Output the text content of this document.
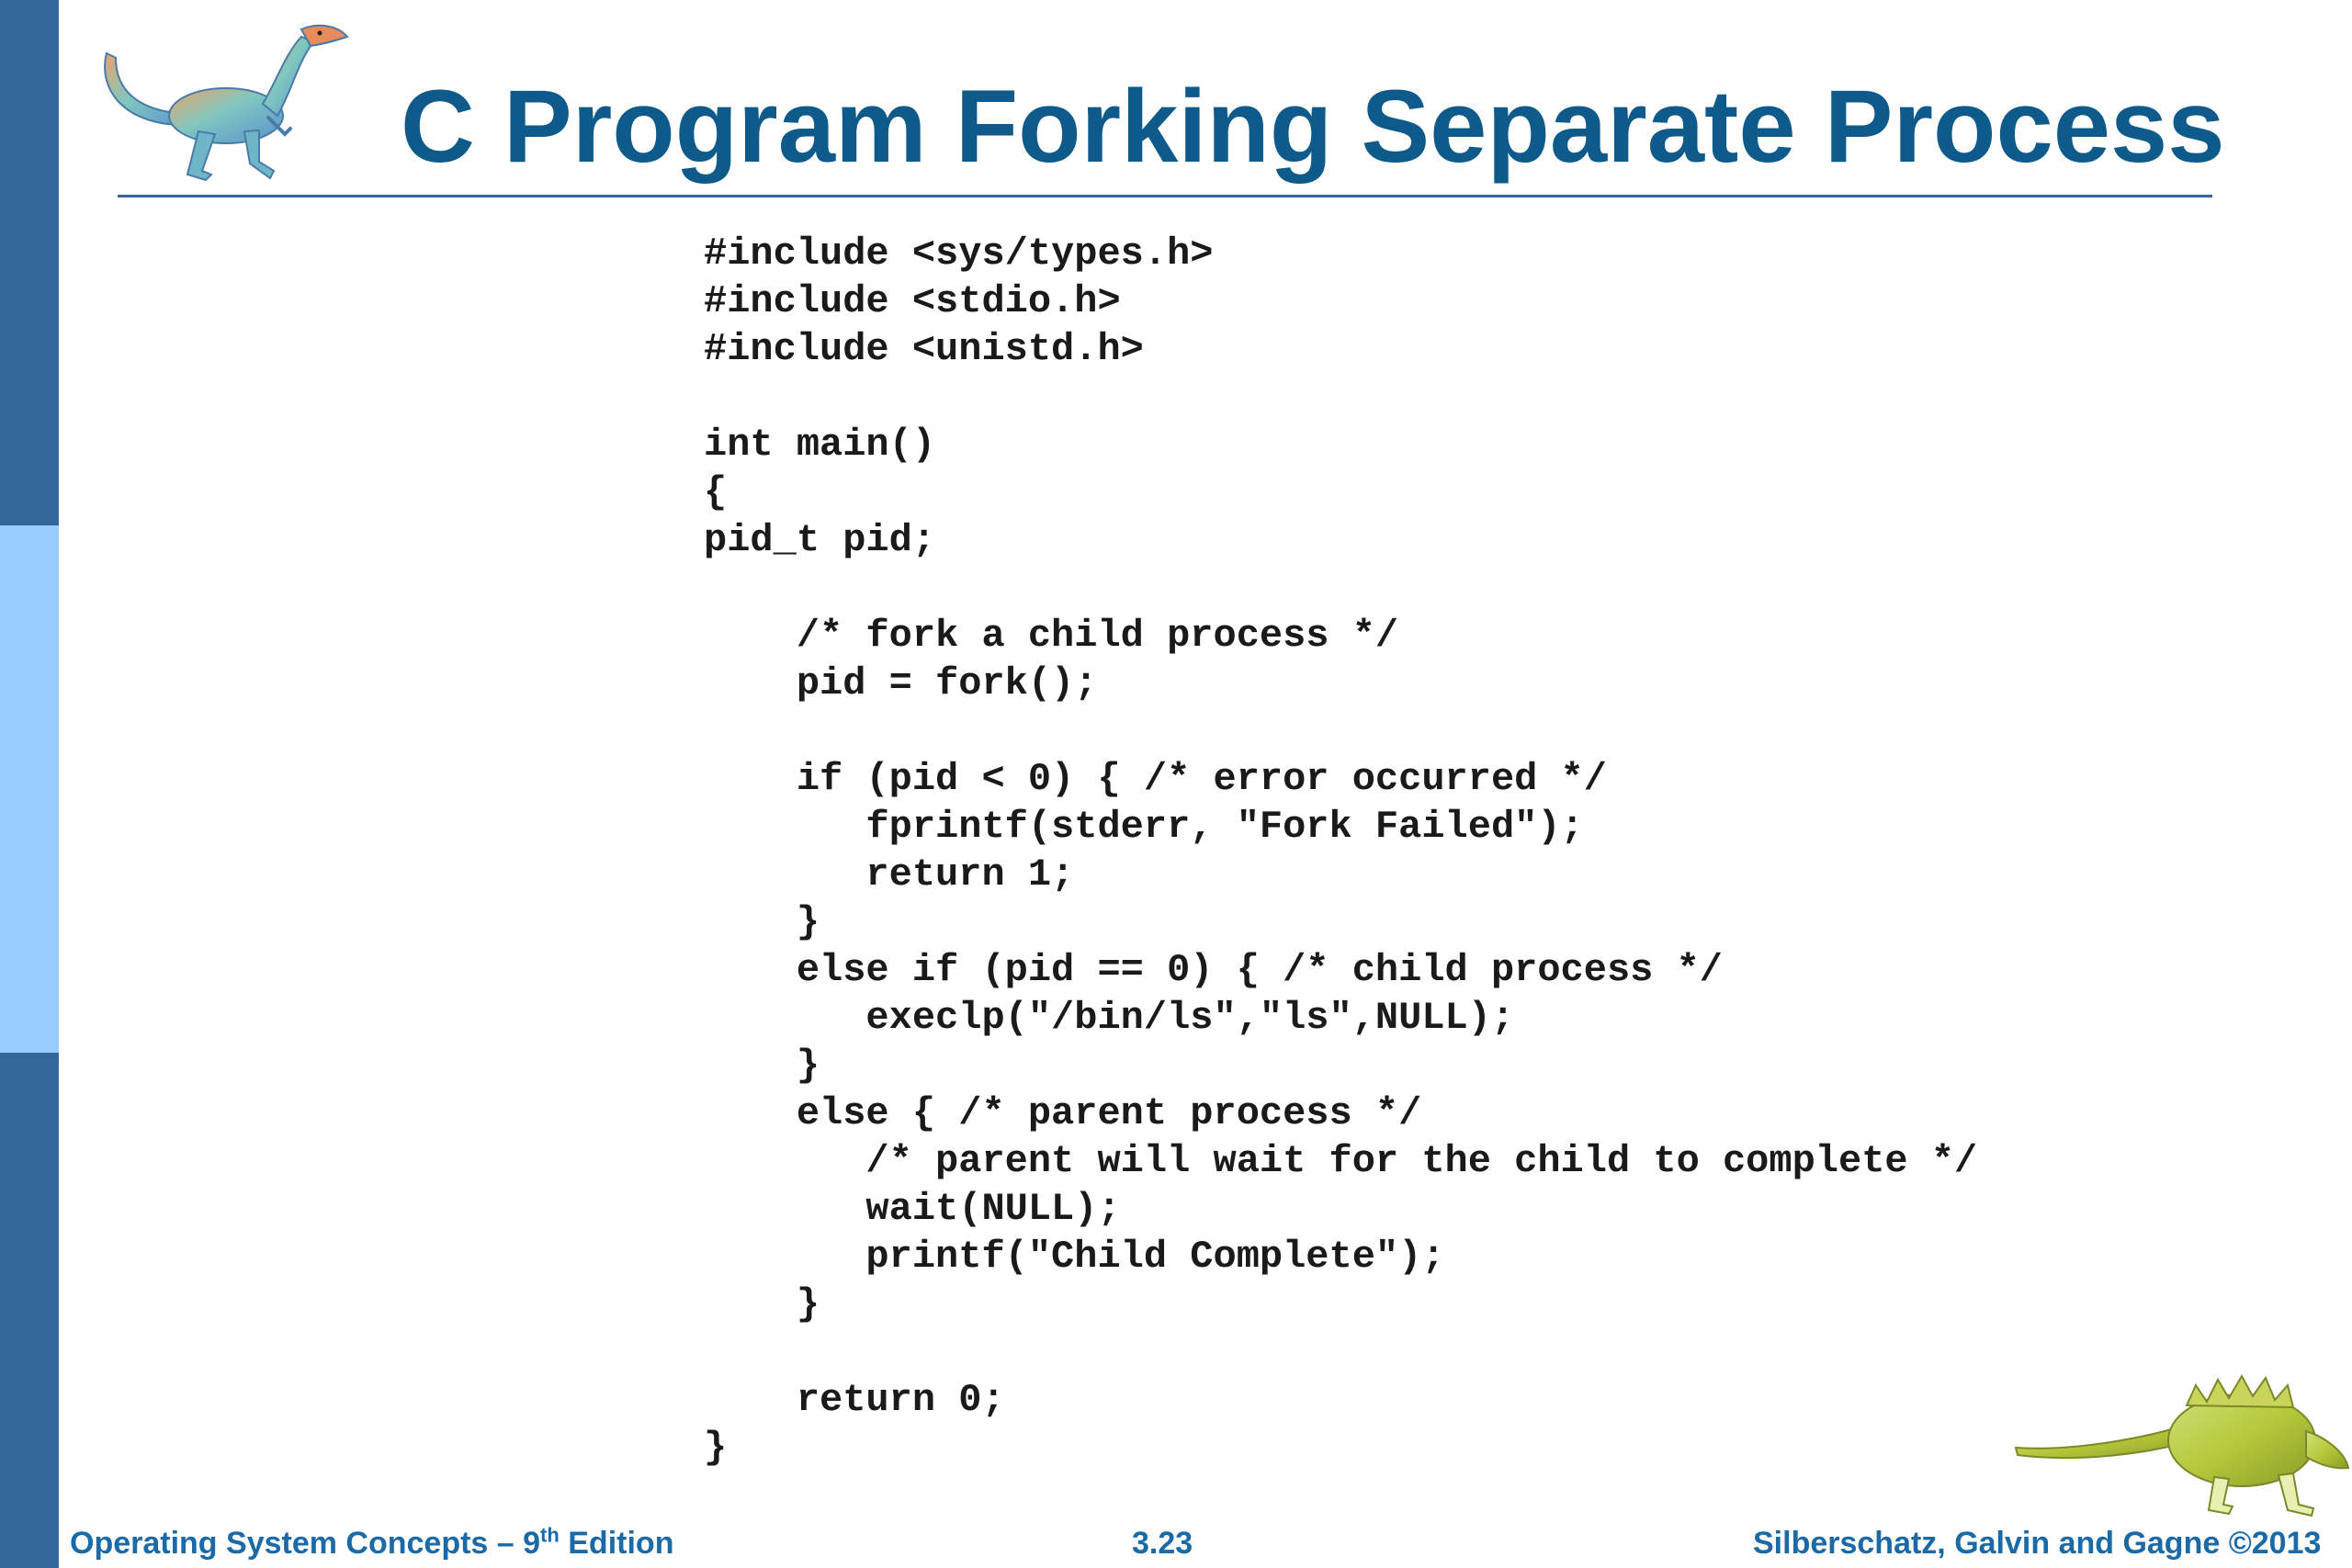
C Program Forking Separate Process
#include <sys/types.h>
#include <stdio.h>
#include <unistd.h>
int main()
{
pid_t pid;
/* fork a child process */
pid = fork();
if (pid < 0) { /* error occurred */
fprintf(stderr, "Fork Failed");
return 1;
}
else if (pid == 0) { /* child process */
execlp("/bin/ls","ls",NULL);
}
else { /* parent process */
/* parent will wait for the child to complete */
wait(NULL);
printf("Child Complete");
}
return 0;
}
Operating System Concepts – 9th Edition	3.23	Silberschatz, Galvin and Gagne ©2013
